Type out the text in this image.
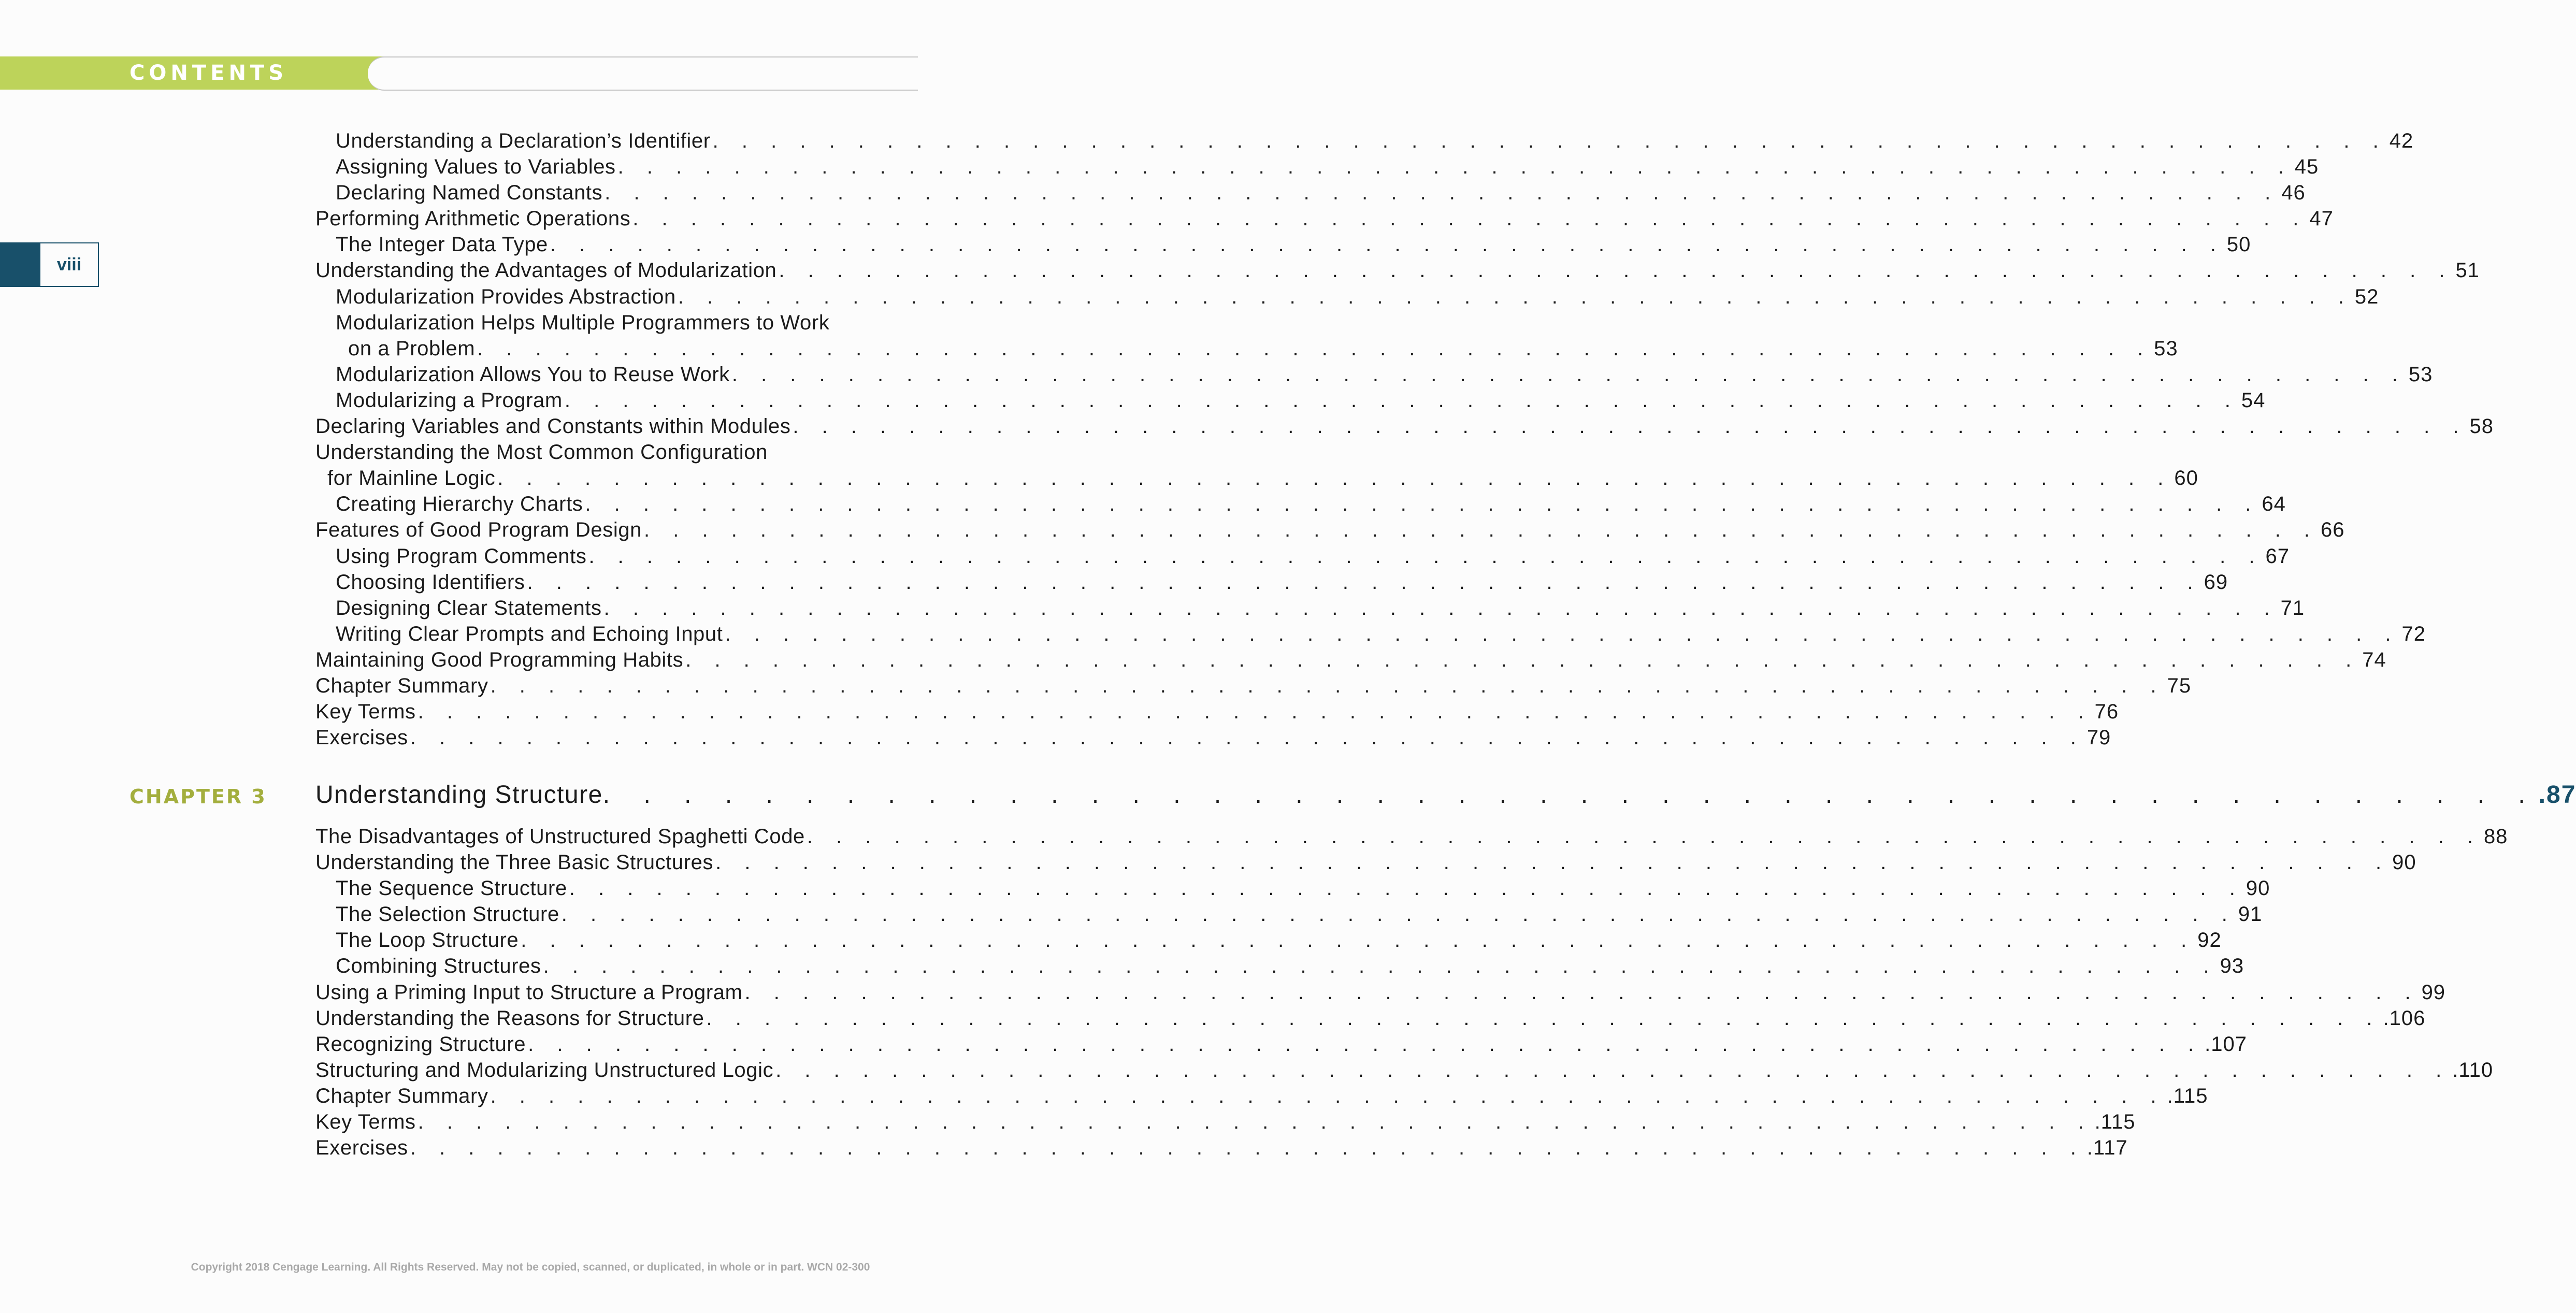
CONTENTS
viii
Understanding a Declaration’s Identifier . . . . . . . . . . . . . . . . . . . . . . . . . . . . . . . . . . . . . . . . . . . . . . . . . . . . . . . . . . 42
Assigning Values to Variables . . . . . . . . . . . . . . . . . . . . . . . . . . . . . . . . . . . . . . . . . . . . . . . . . . . . . . . . . . 45
Declaring Named Constants . . . . . . . . . . . . . . . . . . . . . . . . . . . . . . . . . . . . . . . . . . . . . . . . . . . . . . . . . . 46
Performing Arithmetic Operations . . . . . . . . . . . . . . . . . . . . . . . . . . . . . . . . . . . . . . . . . . . . . . . . . . . . . . . . . . 47
The Integer Data Type . . . . . . . . . . . . . . . . . . . . . . . . . . . . . . . . . . . . . . . . . . . . . . . . . . . . . . . . . . 50
Understanding the Advantages of Modularization . . . . . . . . . . . . . . . . . . . . . . . . . . . . . . . . . . . . . . . . . . . . . . . . . . . . . . . . . . 51
Modularization Provides Abstraction . . . . . . . . . . . . . . . . . . . . . . . . . . . . . . . . . . . . . . . . . . . . . . . . . . . . . . . . . . 52
Modularization Helps Multiple Programmers to Work
on a Problem . . . . . . . . . . . . . . . . . . . . . . . . . . . . . . . . . . . . . . . . . . . . . . . . . . . . . . . . . . 53
Modularization Allows You to Reuse Work . . . . . . . . . . . . . . . . . . . . . . . . . . . . . . . . . . . . . . . . . . . . . . . . . . . . . . . . . . 53
Modularizing a Program . . . . . . . . . . . . . . . . . . . . . . . . . . . . . . . . . . . . . . . . . . . . . . . . . . . . . . . . . . 54
Declaring Variables and Constants within Modules . . . . . . . . . . . . . . . . . . . . . . . . . . . . . . . . . . . . . . . . . . . . . . . . . . . . . . . . . . 58
Understanding the Most Common Configuration
for Mainline Logic . . . . . . . . . . . . . . . . . . . . . . . . . . . . . . . . . . . . . . . . . . . . . . . . . . . . . . . . . . 60
Creating Hierarchy Charts . . . . . . . . . . . . . . . . . . . . . . . . . . . . . . . . . . . . . . . . . . . . . . . . . . . . . . . . . . 64
Features of Good Program Design . . . . . . . . . . . . . . . . . . . . . . . . . . . . . . . . . . . . . . . . . . . . . . . . . . . . . . . . . . 66
Using Program Comments . . . . . . . . . . . . . . . . . . . . . . . . . . . . . . . . . . . . . . . . . . . . . . . . . . . . . . . . . . 67
Choosing Identifiers . . . . . . . . . . . . . . . . . . . . . . . . . . . . . . . . . . . . . . . . . . . . . . . . . . . . . . . . . . 69
Designing Clear Statements . . . . . . . . . . . . . . . . . . . . . . . . . . . . . . . . . . . . . . . . . . . . . . . . . . . . . . . . . . 71
Writing Clear Prompts and Echoing Input . . . . . . . . . . . . . . . . . . . . . . . . . . . . . . . . . . . . . . . . . . . . . . . . . . . . . . . . . . 72
Maintaining Good Programming Habits . . . . . . . . . . . . . . . . . . . . . . . . . . . . . . . . . . . . . . . . . . . . . . . . . . . . . . . . . . 74
Chapter Summary . . . . . . . . . . . . . . . . . . . . . . . . . . . . . . . . . . . . . . . . . . . . . . . . . . . . . . . . . . 75
Key Terms . . . . . . . . . . . . . . . . . . . . . . . . . . . . . . . . . . . . . . . . . . . . . . . . . . . . . . . . . . 76
Exercises . . . . . . . . . . . . . . . . . . . . . . . . . . . . . . . . . . . . . . . . . . . . . . . . . . . . . . . . . . 79
CHAPTER 3 Understanding Structure . . . . . . . . . . . . . . . . . . . . . . . . . . . . . . . . . . . . . . . . . . . . . . . . .87
The Disadvantages of Unstructured Spaghetti Code . . . . . . . . . . . . . . . . . . . . . . . . . . . . . . . . . . . . . . . . . . . . . . . . . . . . . . . . . . 88
Understanding the Three Basic Structures . . . . . . . . . . . . . . . . . . . . . . . . . . . . . . . . . . . . . . . . . . . . . . . . . . . . . . . . . . 90
The Sequence Structure . . . . . . . . . . . . . . . . . . . . . . . . . . . . . . . . . . . . . . . . . . . . . . . . . . . . . . . . . . 90
The Selection Structure . . . . . . . . . . . . . . . . . . . . . . . . . . . . . . . . . . . . . . . . . . . . . . . . . . . . . . . . . . 91
The Loop Structure . . . . . . . . . . . . . . . . . . . . . . . . . . . . . . . . . . . . . . . . . . . . . . . . . . . . . . . . . . 92
Combining Structures . . . . . . . . . . . . . . . . . . . . . . . . . . . . . . . . . . . . . . . . . . . . . . . . . . . . . . . . . . 93
Using a Priming Input to Structure a Program . . . . . . . . . . . . . . . . . . . . . . . . . . . . . . . . . . . . . . . . . . . . . . . . . . . . . . . . . . 99
Understanding the Reasons for Structure . . . . . . . . . . . . . . . . . . . . . . . . . . . . . . . . . . . . . . . . . . . . . . . . . . . . . . . . . . .106
Recognizing Structure . . . . . . . . . . . . . . . . . . . . . . . . . . . . . . . . . . . . . . . . . . . . . . . . . . . . . . . . . . .107
Structuring and Modularizing Unstructured Logic . . . . . . . . . . . . . . . . . . . . . . . . . . . . . . . . . . . . . . . . . . . . . . . . . . . . . . . . . . .110
Chapter Summary . . . . . . . . . . . . . . . . . . . . . . . . . . . . . . . . . . . . . . . . . . . . . . . . . . . . . . . . . . .115
Key Terms . . . . . . . . . . . . . . . . . . . . . . . . . . . . . . . . . . . . . . . . . . . . . . . . . . . . . . . . . . .115
Exercises . . . . . . . . . . . . . . . . . . . . . . . . . . . . . . . . . . . . . . . . . . . . . . . . . . . . . . . . . . .117
Copyright 2018 Cengage Learning. All Rights Reserved. May not be copied, scanned, or duplicated, in whole or in part. WCN 02-300
